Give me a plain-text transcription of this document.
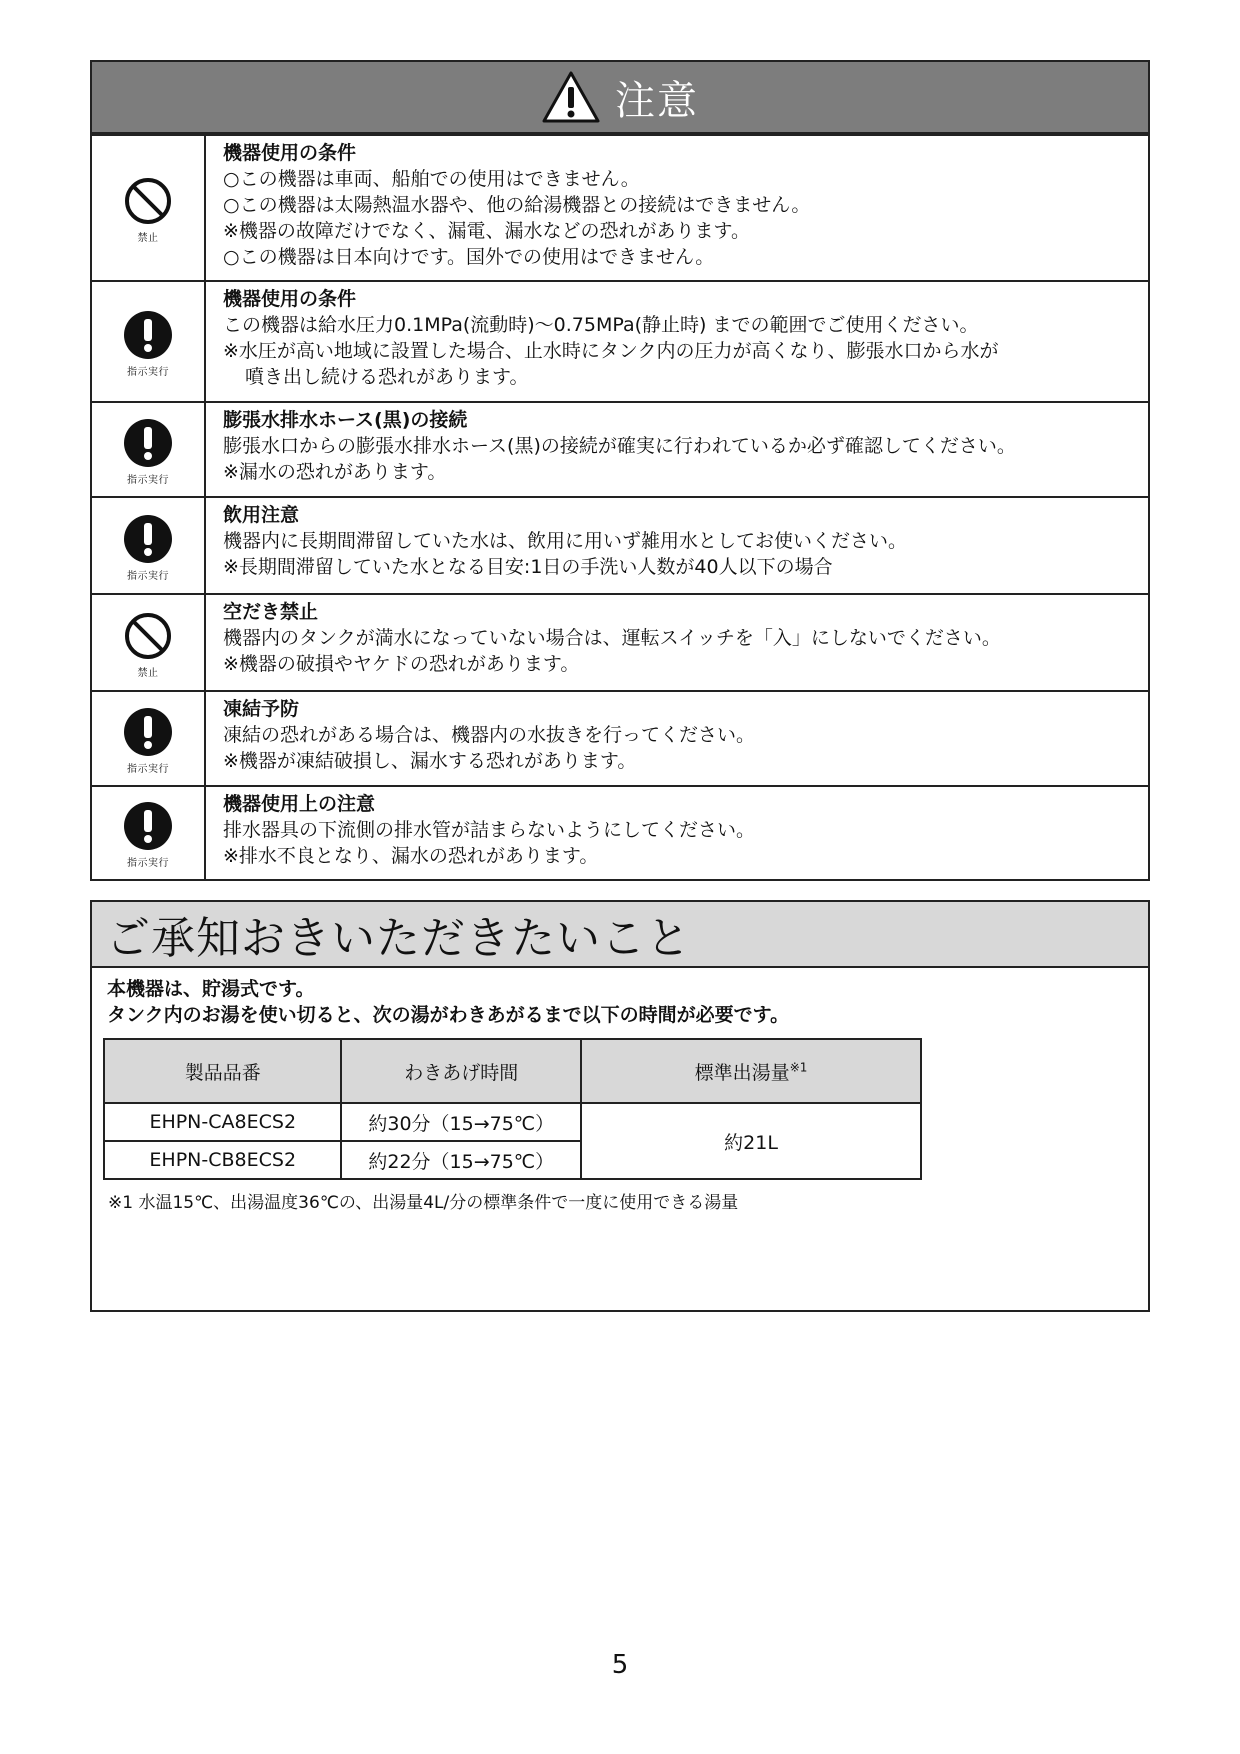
注意
禁止
機器使用の条件
○この機器は車両、船舶での使用はできません。
○この機器は太陽熱温水器や、他の給湯機器との接続はできません。
※機器の故障だけでなく、漏電、漏水などの恐れがあります。
○この機器は日本向けです。国外での使用はできません。
指示実行
機器使用の条件
この機器は給水圧力0.1MPa(流動時)～0.75MPa(静止時) までの範囲でご使用ください。
※水圧が高い地域に設置した場合、止水時にタンク内の圧力が高くなり、膨張水口から水が
噴き出し続ける恐れがあります。
指示実行
膨張水排水ホース(黒)の接続
膨張水口からの膨張水排水ホース(黒)の接続が確実に行われているか必ず確認してください。
※漏水の恐れがあります。
指示実行
飲用注意
機器内に長期間滞留していた水は、飲用に用いず雑用水としてお使いください。
※長期間滞留していた水となる目安:1日の手洗い人数が40人以下の場合
禁止
空だき禁止
機器内のタンクが満水になっていない場合は、運転スイッチを「入」にしないでください。
※機器の破損やヤケドの恐れがあります。
指示実行
凍結予防
凍結の恐れがある場合は、機器内の水抜きを行ってください。
※機器が凍結破損し、漏水する恐れがあります。
指示実行
機器使用上の注意
排水器具の下流側の排水管が詰まらないようにしてください。
※排水不良となり、漏水の恐れがあります。
ご承知おきいただきたいこと
本機器は、貯湯式です。
タンク内のお湯を使い切ると、次の湯がわきあがるまで以下の時間が必要です。
製品品番	わきあげ時間	標準出湯量$^{※1}$
EHPN-CA8ECS2	約30分（15→75℃）	約21L
EHPN-CB8ECS2	約22分（15→75℃）	
※1 水温15℃、出湯温度36℃の、出湯量4L/分の標準条件で一度に使用できる湯量
5
